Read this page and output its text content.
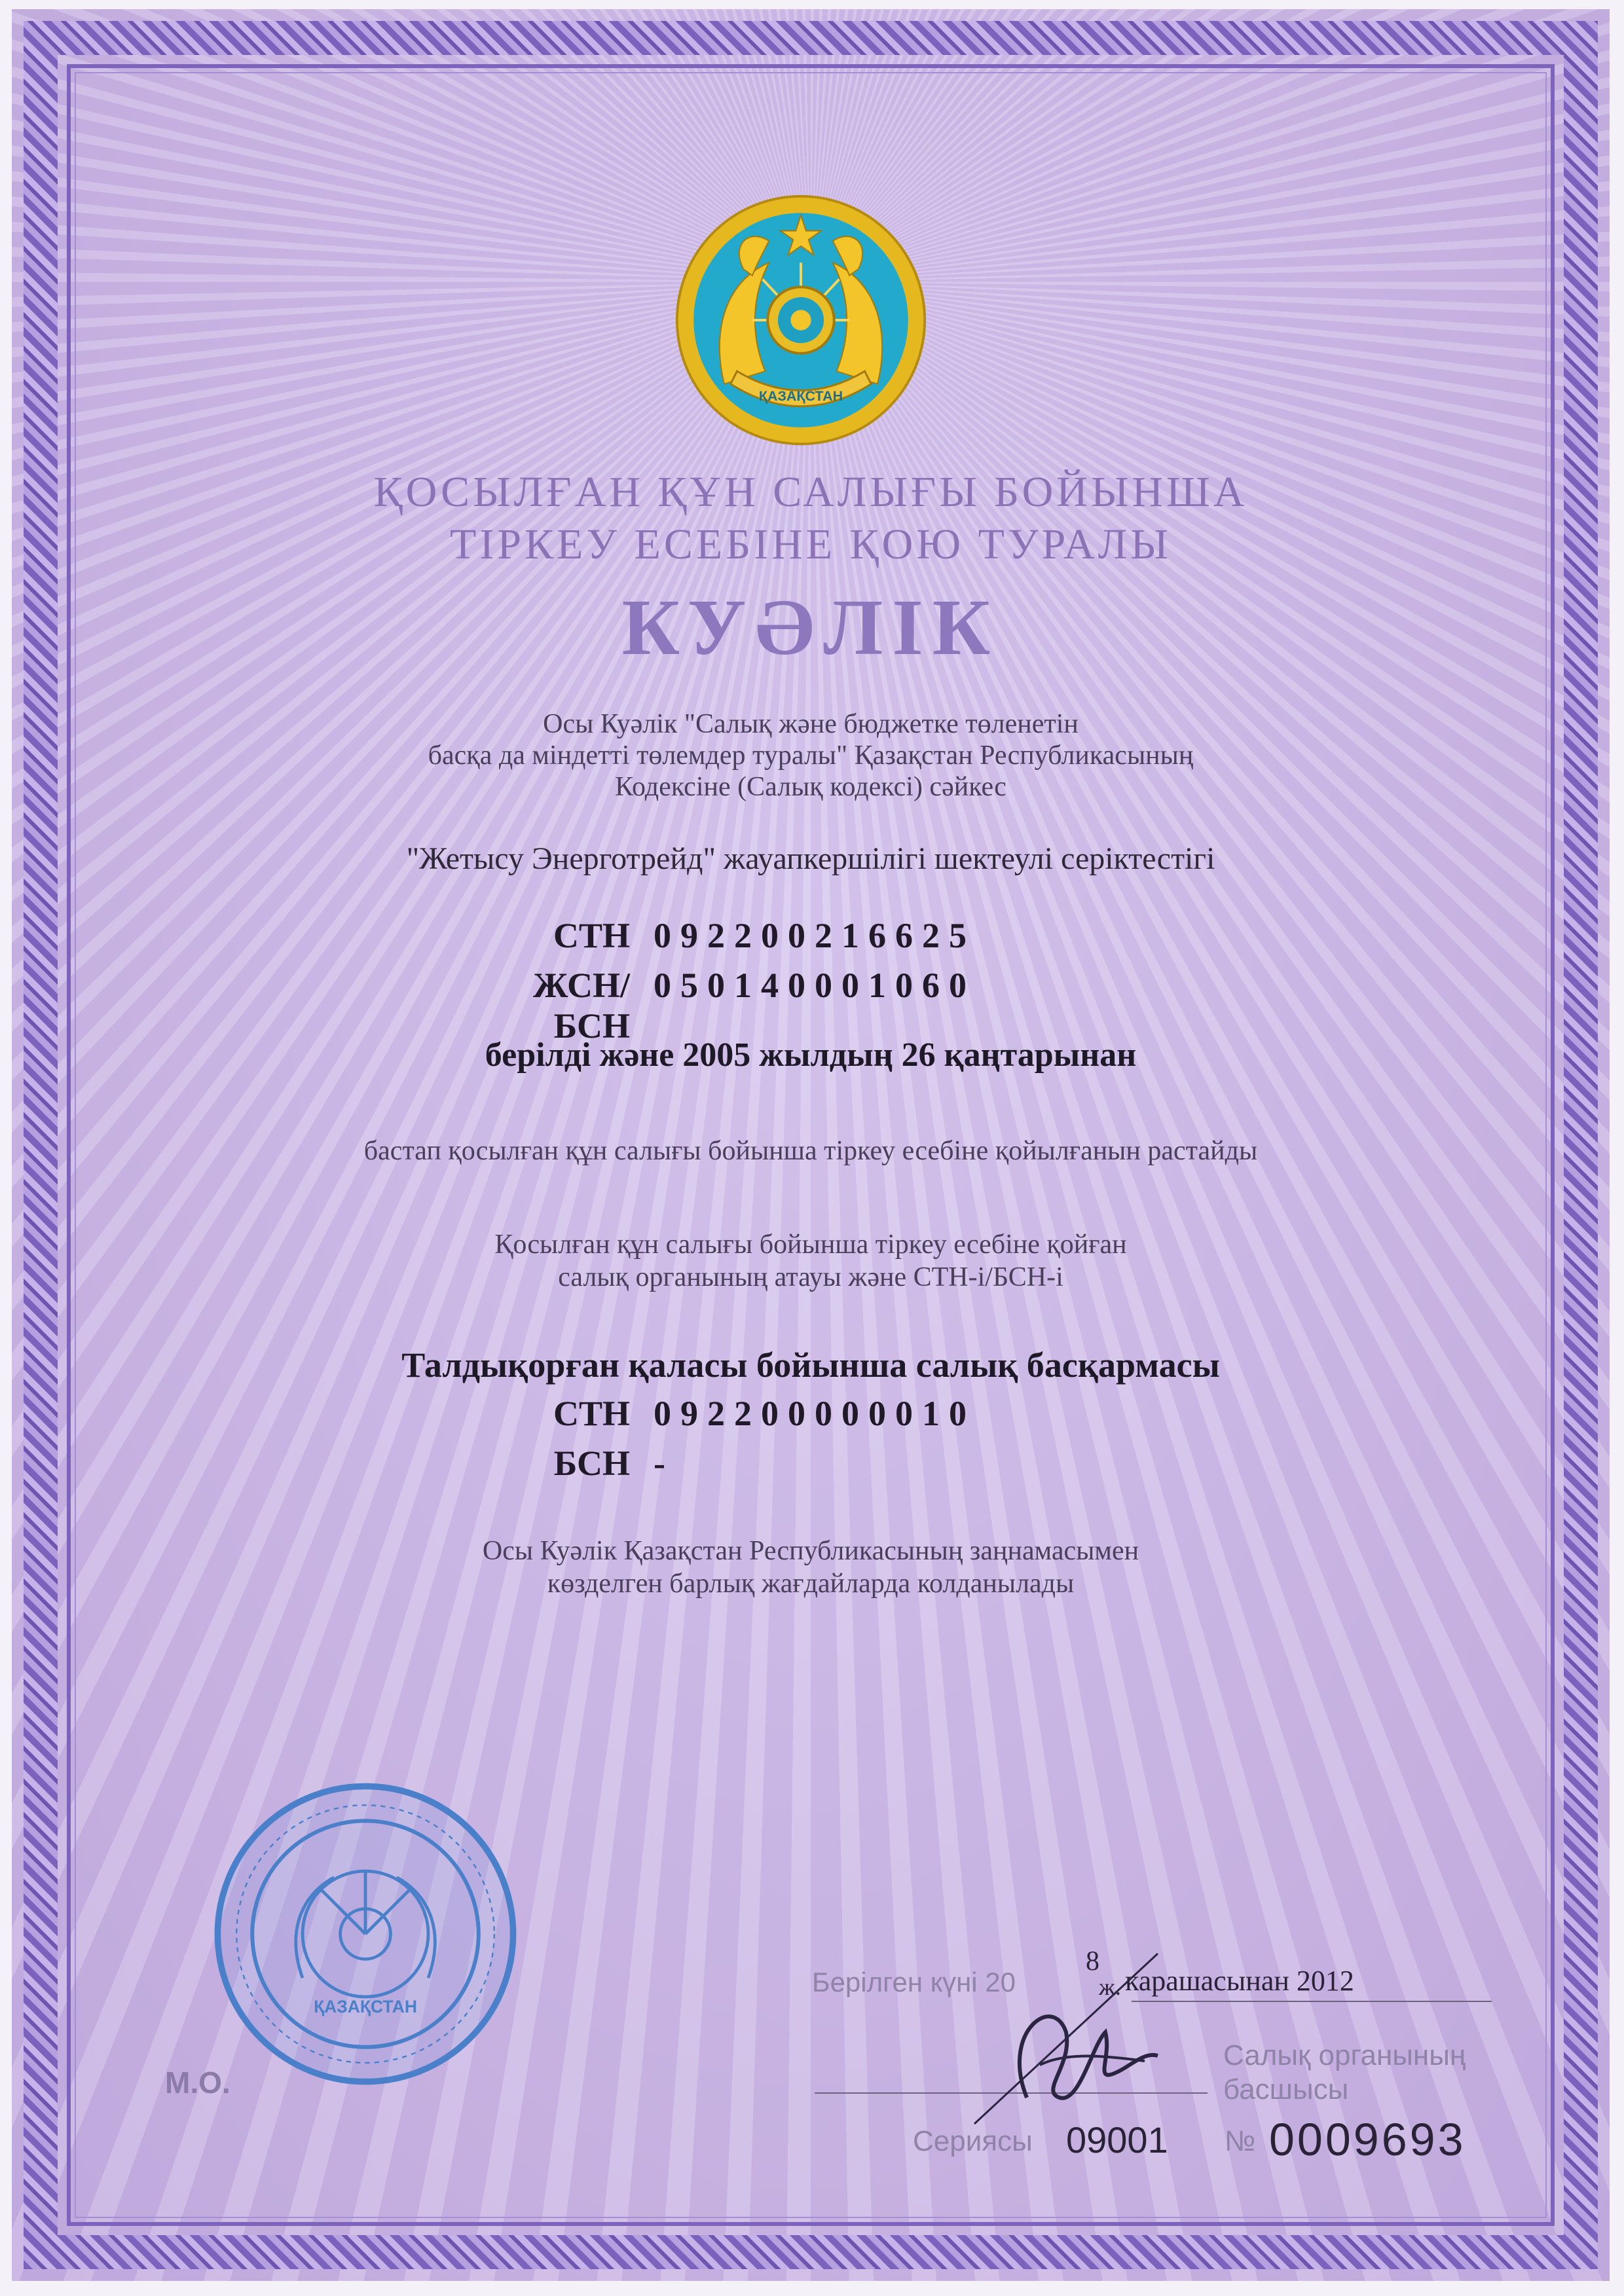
ҚАЗАҚСТАН
ҚОСЫЛҒАН ҚҰН САЛЫҒЫ БОЙЫНША
ТІРКЕУ ЕСЕБІНЕ ҚОЮ ТУРАЛЫ
КУӘЛІК
Осы Куәлік "Салық және бюджетке төленетін
басқа да міндетті төлемдер туралы" Қазақстан Республикасының
Кодексіне (Салық кодексі) сәйкес
"Жетысу Энерготрейд" жауапкершілігі шектеулі серіктестігі
СТН 092200216625
ЖСН/БСН
050140001060
берілді және 2005 жылдың 26 қаңтарынан
бастап қосылған құн салығы бойынша тіркеу есебіне қойылғанын растайды
Қосылған құн салығы бойынша тіркеу есебіне қойған
салық органының атауы және СТН-і/БСН-і
Талдықорған қаласы бойынша салық басқармасы
СТН 092200000010
БСН -
Осы Куәлік Қазақстан Республикасының заңнамасымен
көзделген барлық жағдайларда колданылады
ҚАЗАҚСТАН
М.О.
Берілген күні 20
8
ж. карашасынан 2012
Салық органының
басшысы
Сериясы 09001 № 0009693
